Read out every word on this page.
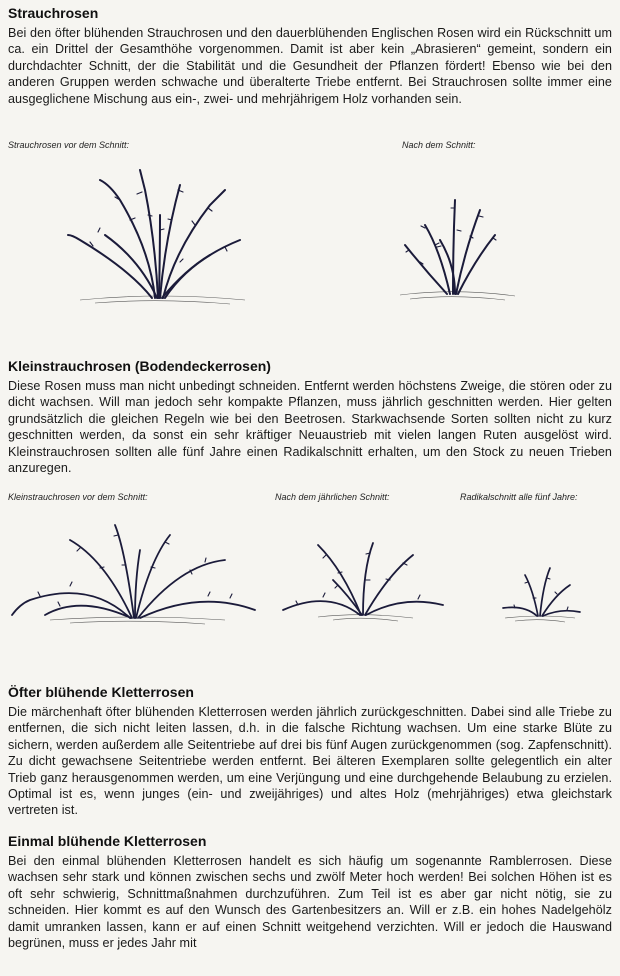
Strauchrosen

Bei den öfter blühenden Strauchrosen und den dauerblühenden Englischen Rosen wird ein Rückschnitt um ca. ein Drittel der Gesamthöhe vorgenommen. Damit ist aber kein „Abrasieren“ gemeint, sondern ein durchdachter Schnitt, der die Stabilität und die Gesundheit der Pflanzen fördert! Ebenso wie bei den anderen Gruppen werden schwache und überalterte Triebe entfernt. Bei Strauchrosen sollte immer eine ausgeglichene Mischung aus ein-, zwei- und mehrjährigem Holz vorhanden sein.

Strauchrosen vor dem Schnitt:	Nach dem Schnitt:
Kleinstrauchrosen (Bodendeckerrosen)

Diese Rosen muss man nicht unbedingt schneiden. Entfernt werden höchstens Zweige, die stören oder zu dicht wachsen. Will man jedoch sehr kompakte Pflanzen, muss jährlich geschnitten werden. Hier gelten grundsätzlich die gleichen Regeln wie bei den Beetrosen. Starkwachsende Sorten sollten nicht zu kurz geschnitten werden, da sonst ein sehr kräftiger Neuaustrieb mit vielen langen Ruten ausgelöst wird. Kleinstrauchrosen sollten alle fünf Jahre einen Radikalschnitt erhalten, um den Stock zu neuen Trieben anzuregen.

Kleinstrauchrosen vor dem Schnitt:	Nach dem jährlichen Schnitt:	Radikalschnitt alle fünf Jahre:
Öfter blühende Kletterrosen

Die märchenhaft öfter blühenden Kletterrosen werden jährlich zurückgeschnitten. Dabei sind alle Triebe zu entfernen, die sich nicht leiten lassen, d.h. in die falsche Richtung wachsen. Um eine starke Blüte zu sichern, werden außerdem alle Seitentriebe auf drei bis fünf Augen zurückgenommen (sog. Zapfenschnitt). Zu dicht gewachsene Seitentriebe werden entfernt. Bei älteren Exemplaren sollte gelegentlich ein alter Trieb ganz herausgenommen werden, um eine Verjüngung und eine durchgehende Belaubung zu erzielen. Optimal ist es, wenn junges (ein- und zweijähriges) und altes Holz (mehrjähriges) etwa gleichstark vertreten ist.

Einmal blühende Kletterrosen

Bei den einmal blühenden Kletterrosen handelt es sich häufig um sogenannte Ramblerrosen. Diese wachsen sehr stark und können zwischen sechs und zwölf Meter hoch werden! Bei solchen Höhen ist es oft sehr schwierig, Schnittmaßnahmen durchzuführen. Zum Teil ist es aber gar nicht nötig, sie zu schneiden. Hier kommt es auf den Wunsch des Gartenbesitzers an. Will er z.B. ein hohes Nadelgehölz damit umranken lassen, kann er auf einen Schnitt weitgehend verzichten. Will er jedoch die Hauswand begrünen, muss er jedes Jahr mit
